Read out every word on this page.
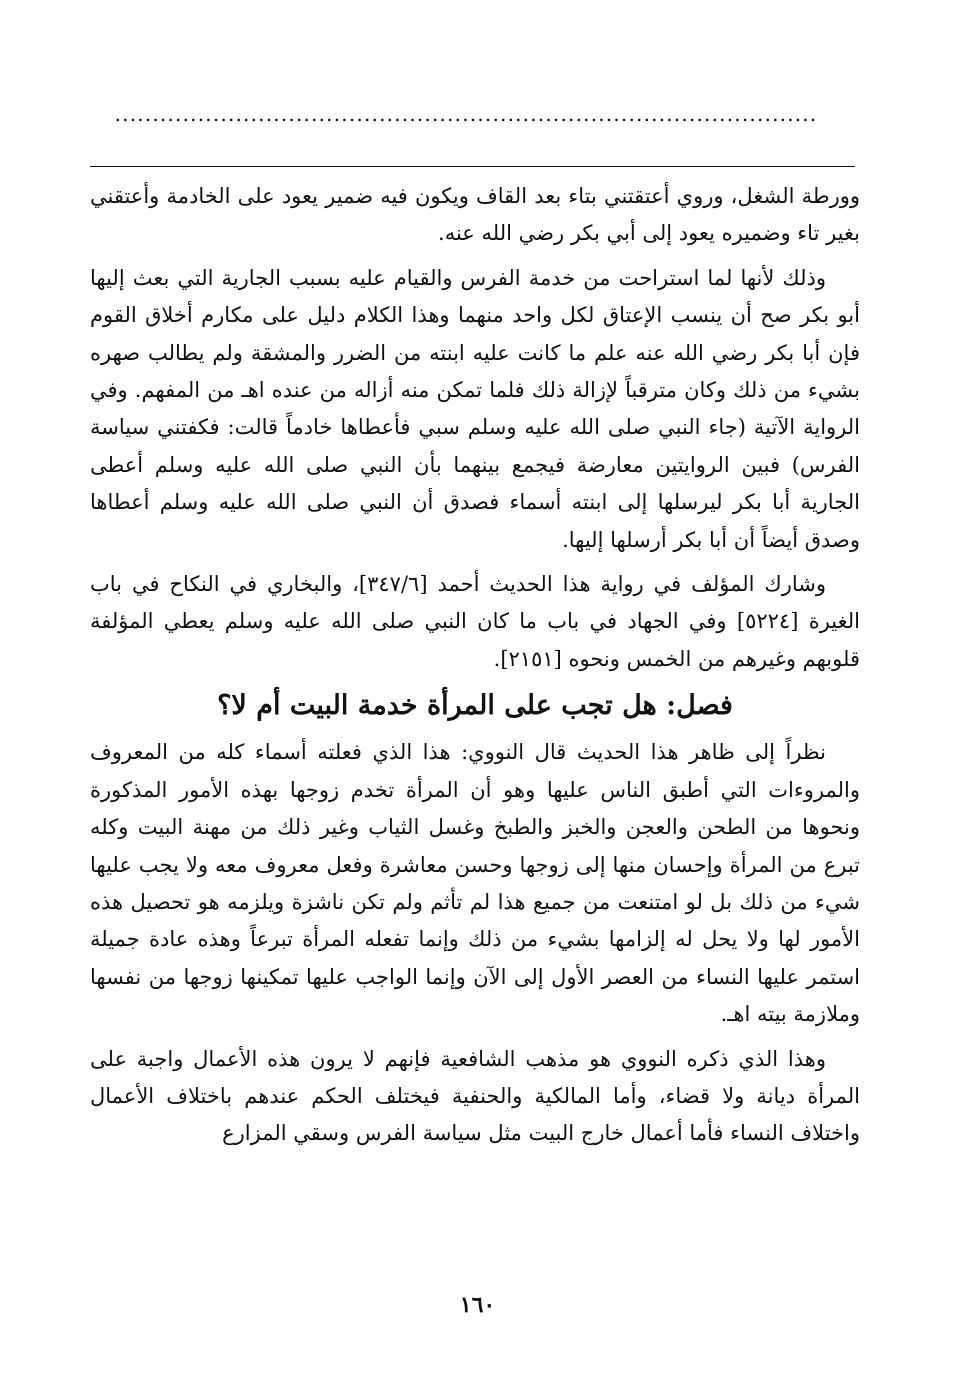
.............................................................................................

وورطة الشغل، وروي أعتقتني بتاء بعد القاف ويكون فيه ضمير يعود على الخادمة وأعتقني بغير تاء وضميره يعود إلى أبي بكر رضي الله عنه.

وذلك لأنها لما استراحت من خدمة الفرس والقيام عليه بسبب الجارية التي بعث إليها أبو بكر صح أن ينسب الإعتاق لكل واحد منهما وهذا الكلام دليل على مكارم أخلاق القوم فإن أبا بكر رضي الله عنه علم ما كانت عليه ابنته من الضرر والمشقة ولم يطالب صهره بشيء من ذلك وكان مترقباً لإزالة ذلك فلما تمكن منه أزاله من عنده اهـ من المفهم. وفي الرواية الآتية (جاء النبي صلى الله عليه وسلم سبي فأعطاها خادماً قالت: فكفتني سياسة الفرس) فبين الروايتين معارضة فيجمع بينهما بأن النبي صلى الله عليه وسلم أعطى الجارية أبا بكر ليرسلها إلى ابنته أسماء فصدق أن النبي صلى الله عليه وسلم أعطاها وصدق أيضاً أن أبا بكر أرسلها إليها.

وشارك المؤلف في رواية هذا الحديث أحمد [٣٤٧/٦]، والبخاري في النكاح في باب الغيرة [٥٢٢٤] وفي الجهاد في باب ما كان النبي صلى الله عليه وسلم يعطي المؤلفة قلوبهم وغيرهم من الخمس ونحوه [٢١٥١].

فصل: هل تجب على المرأة خدمة البيت أم لا؟

نظراً إلى ظاهر هذا الحديث قال النووي: هذا الذي فعلته أسماء كله من المعروف والمروءات التي أطبق الناس عليها وهو أن المرأة تخدم زوجها بهذه الأمور المذكورة ونحوها من الطحن والعجن والخبز والطبخ وغسل الثياب وغير ذلك من مهنة البيت وكله تبرع من المرأة وإحسان منها إلى زوجها وحسن معاشرة وفعل معروف معه ولا يجب عليها شيء من ذلك بل لو امتنعت من جميع هذا لم تأثم ولم تكن ناشزة ويلزمه هو تحصيل هذه الأمور لها ولا يحل له إلزامها بشيء من ذلك وإنما تفعله المرأة تبرعاً وهذه عادة جميلة استمر عليها النساء من العصر الأول إلى الآن وإنما الواجب عليها تمكينها زوجها من نفسها وملازمة بيته اهـ.

وهذا الذي ذكره النووي هو مذهب الشافعية فإنهم لا يرون هذه الأعمال واجبة على المرأة ديانة ولا قضاء، وأما المالكية والحنفية فيختلف الحكم عندهم باختلاف الأعمال واختلاف النساء فأما أعمال خارج البيت مثل سياسة الفرس وسقي المزارع

١٦٠
